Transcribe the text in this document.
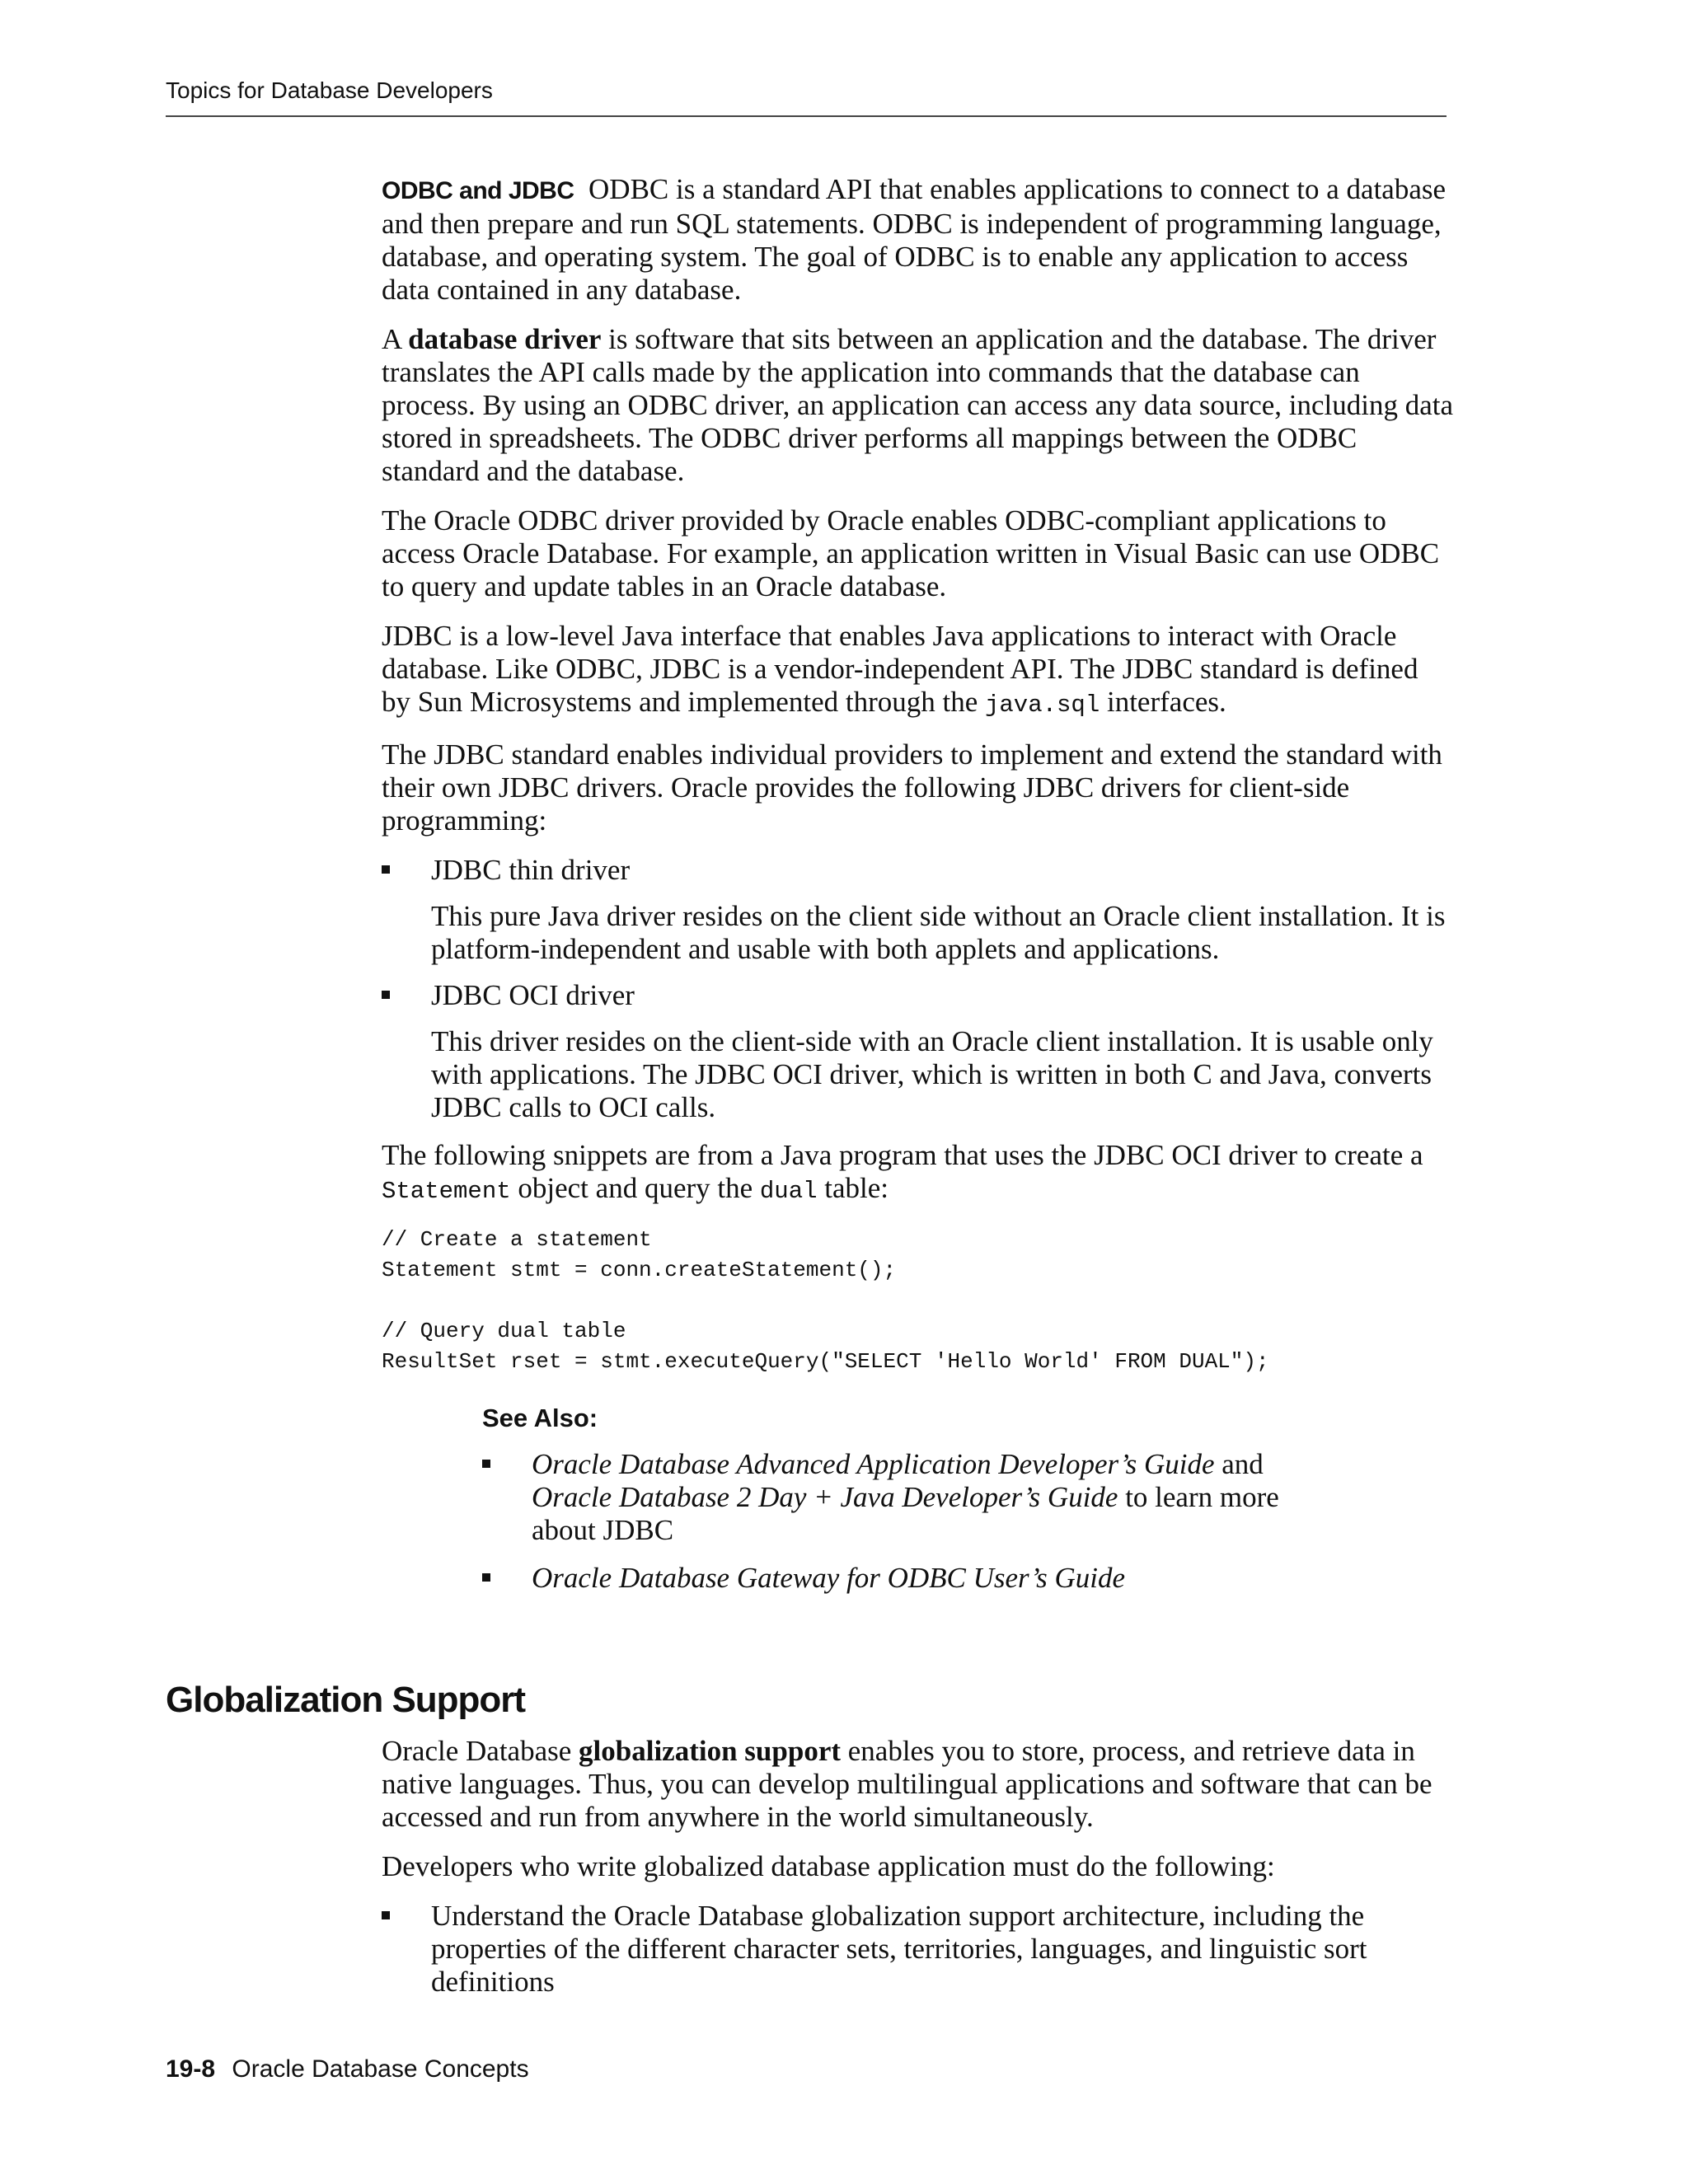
Topics for Database Developers

ODBC and JDBC ODBC is a standard API that enables applications to connect to a database and then prepare and run SQL statements. ODBC is independent of programming language, database, and operating system. The goal of ODBC is to enable any application to access data contained in any database.

A database driver is software that sits between an application and the database. The driver translates the API calls made by the application into commands that the database can process. By using an ODBC driver, an application can access any data source, including data stored in spreadsheets. The ODBC driver performs all mappings between the ODBC standard and the database.

The Oracle ODBC driver provided by Oracle enables ODBC-compliant applications to access Oracle Database. For example, an application written in Visual Basic can use ODBC to query and update tables in an Oracle database.

JDBC is a low-level Java interface that enables Java applications to interact with Oracle database. Like ODBC, JDBC is a vendor-independent API. The JDBC standard is defined by Sun Microsystems and implemented through the java.sql interfaces.

The JDBC standard enables individual providers to implement and extend the standard with their own JDBC drivers. Oracle provides the following JDBC drivers for client-side programming:

JDBC thin driver

This pure Java driver resides on the client side without an Oracle client installation. It is platform-independent and usable with both applets and applications.

JDBC OCI driver

This driver resides on the client-side with an Oracle client installation. It is usable only with applications. The JDBC OCI driver, which is written in both C and Java, converts JDBC calls to OCI calls.

The following snippets are from a Java program that uses the JDBC OCI driver to create a Statement object and query the dual table:

// Create a statement
Statement stmt = conn.createStatement();
// Query dual table
ResultSet rset = stmt.executeQuery("SELECT 'Hello World' FROM DUAL");
See Also:
Oracle Database Advanced Application Developer’s Guide and Oracle Database 2 Day + Java Developer’s Guide to learn more about JDBC
Oracle Database Gateway for ODBC User’s Guide
Globalization Support

Oracle Database globalization support enables you to store, process, and retrieve data in native languages. Thus, you can develop multilingual applications and software that can be accessed and run from anywhere in the world simultaneously.

Developers who write globalized database application must do the following:

Understand the Oracle Database globalization support architecture, including the properties of the different character sets, territories, languages, and linguistic sort definitions
19-8 Oracle Database Concepts
